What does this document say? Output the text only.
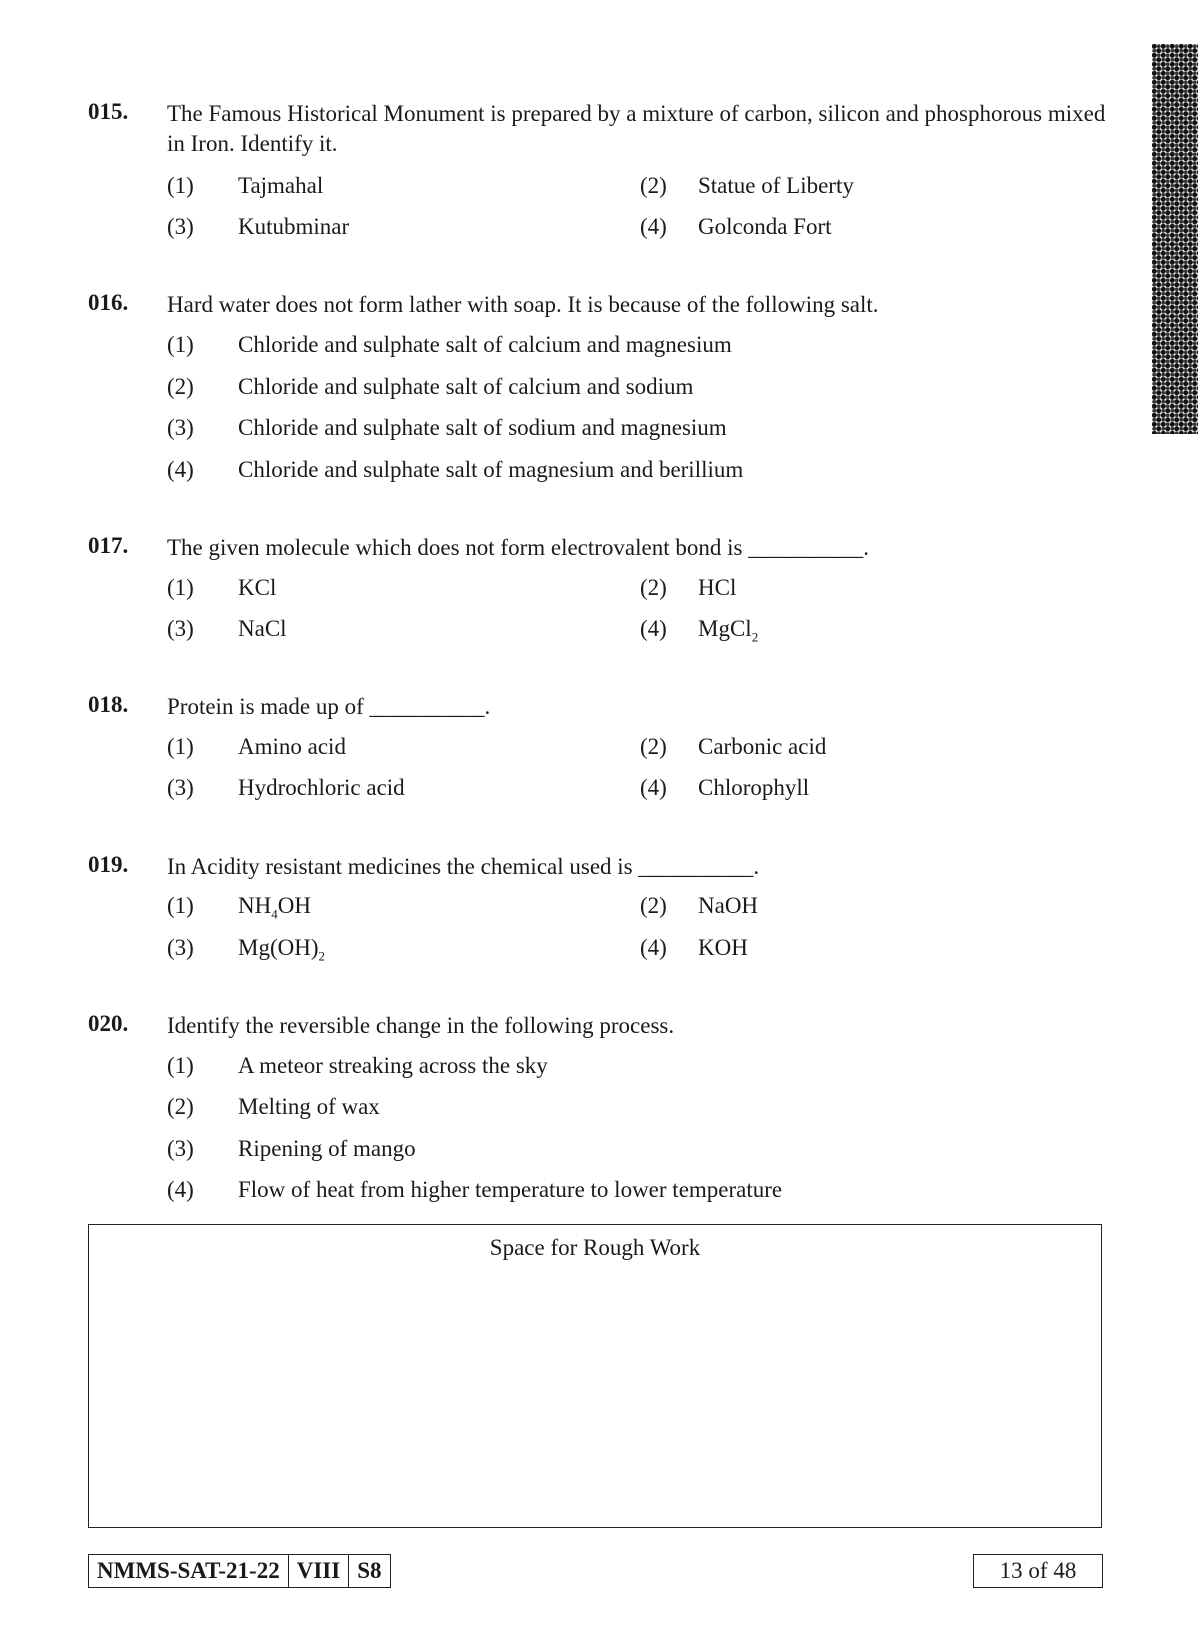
015. The Famous Historical Monument is prepared by a mixture of carbon, silicon and phosphorous mixed in Iron. Identify it.
(1) Tajmahal	(2) Statue of Liberty
(3) Kutubminar	(4) Golconda Fort
016. Hard water does not form lather with soap. It is because of the following salt.
(1) Chloride and sulphate salt of calcium and magnesium
(2) Chloride and sulphate salt of calcium and sodium
(3) Chloride and sulphate salt of sodium and magnesium
(4) Chloride and sulphate salt of magnesium and berillium
017. The given molecule which does not form electrovalent bond is __________.
(1) KCl	(2) HCl
(3) NaCl	(4) MgCl$_2$
018. Protein is made up of __________.
(1) Amino acid	(2) Carbonic acid
(3) Hydrochloric acid	(4) Chlorophyll
019. In Acidity resistant medicines the chemical used is __________.
(1) $NH_4OH$	(2) NaOH
(3) $Mg(OH)_2$	(4) KOH
020. Identify the reversible change in the following process.
(1) A meteor streaking across the sky
(2) Melting of wax
(3) Ripening of mango
(4) Flow of heat from higher temperature to lower temperature
Space for Rough Work
NMMS-SAT-21-22 VIII S8	13 of 48
